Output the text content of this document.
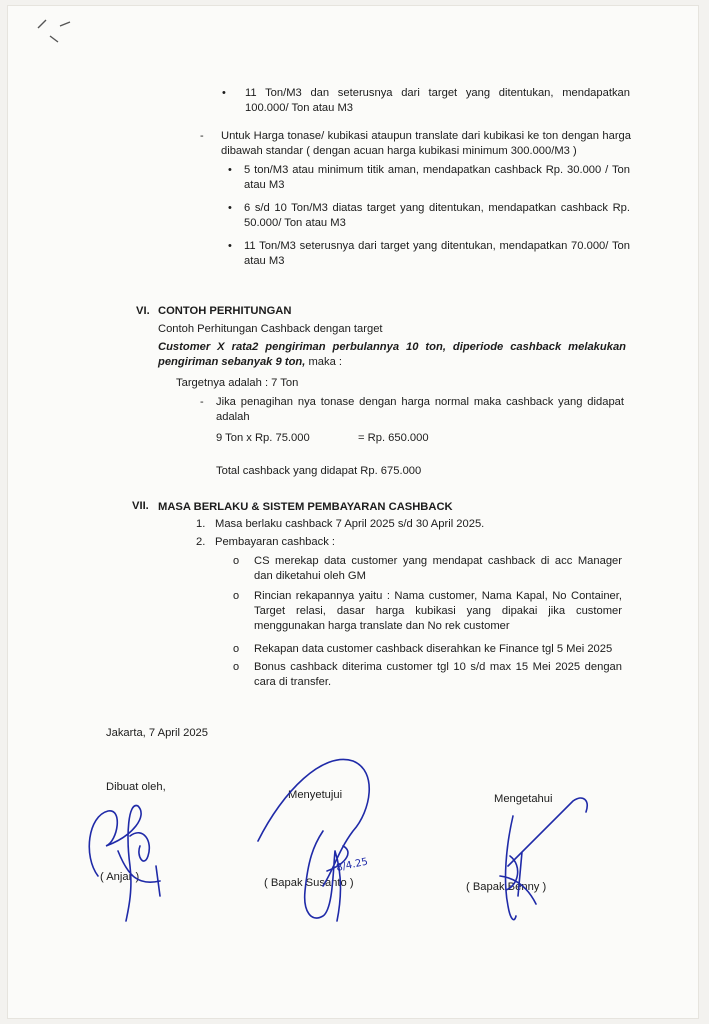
• 11 Ton/M3 dan seterusnya dari target yang ditentukan, mendapatkan 100.000/ Ton atau M3
- Untuk Harga tonase/ kubikasi ataupun translate dari kubikasi ke ton dengan harga dibawah standar ( dengan acuan harga kubikasi minimum 300.000/M3 )
• 5 ton/M3 atau minimum titik aman, mendapatkan cashback Rp. 30.000 / Ton atau M3
• 6 s/d 10 Ton/M3 diatas target yang ditentukan, mendapatkan cashback Rp. 50.000/ Ton atau M3
• 11 Ton/M3 seterusnya dari target yang ditentukan, mendapatkan 70.000/ Ton atau M3
VI. CONTOH PERHITUNGAN
Contoh Perhitungan Cashback dengan target
Customer X rata2 pengiriman perbulannya 10 ton, diperiode cashback melakukan pengiriman sebanyak 9 ton, maka :
Targetnya adalah : 7 Ton
- Jika penagihan nya tonase dengan harga normal maka cashback yang didapat adalah
9 Ton x Rp. 75.000	= Rp. 650.000
Total cashback yang didapat Rp. 675.000
VII. MASA BERLAKU & SISTEM PEMBAYARAN CASHBACK
1. Masa berlaku cashback 7 April 2025 s/d 30 April 2025.
2. Pembayaran cashback :
o CS merekap data customer yang mendapat cashback di acc Manager dan diketahui oleh GM
o Rincian rekapannya yaitu : Nama customer, Nama Kapal, No Container, Target relasi, dasar harga kubikasi yang dipakai jika customer menggunakan harga translate dan No rek customer
o Rekapan data customer cashback diserahkan ke Finance tgl 5 Mei 2025
o Bonus cashback diterima customer tgl 10 s/d max 15 Mei 2025 dengan cara di transfer.
Jakarta, 7 April 2025
Dibuat oleh,
( Anjar )
Menyetujui
( Bapak Susanto )
Mengetahui
( Bapak Benny )
8/4.25
